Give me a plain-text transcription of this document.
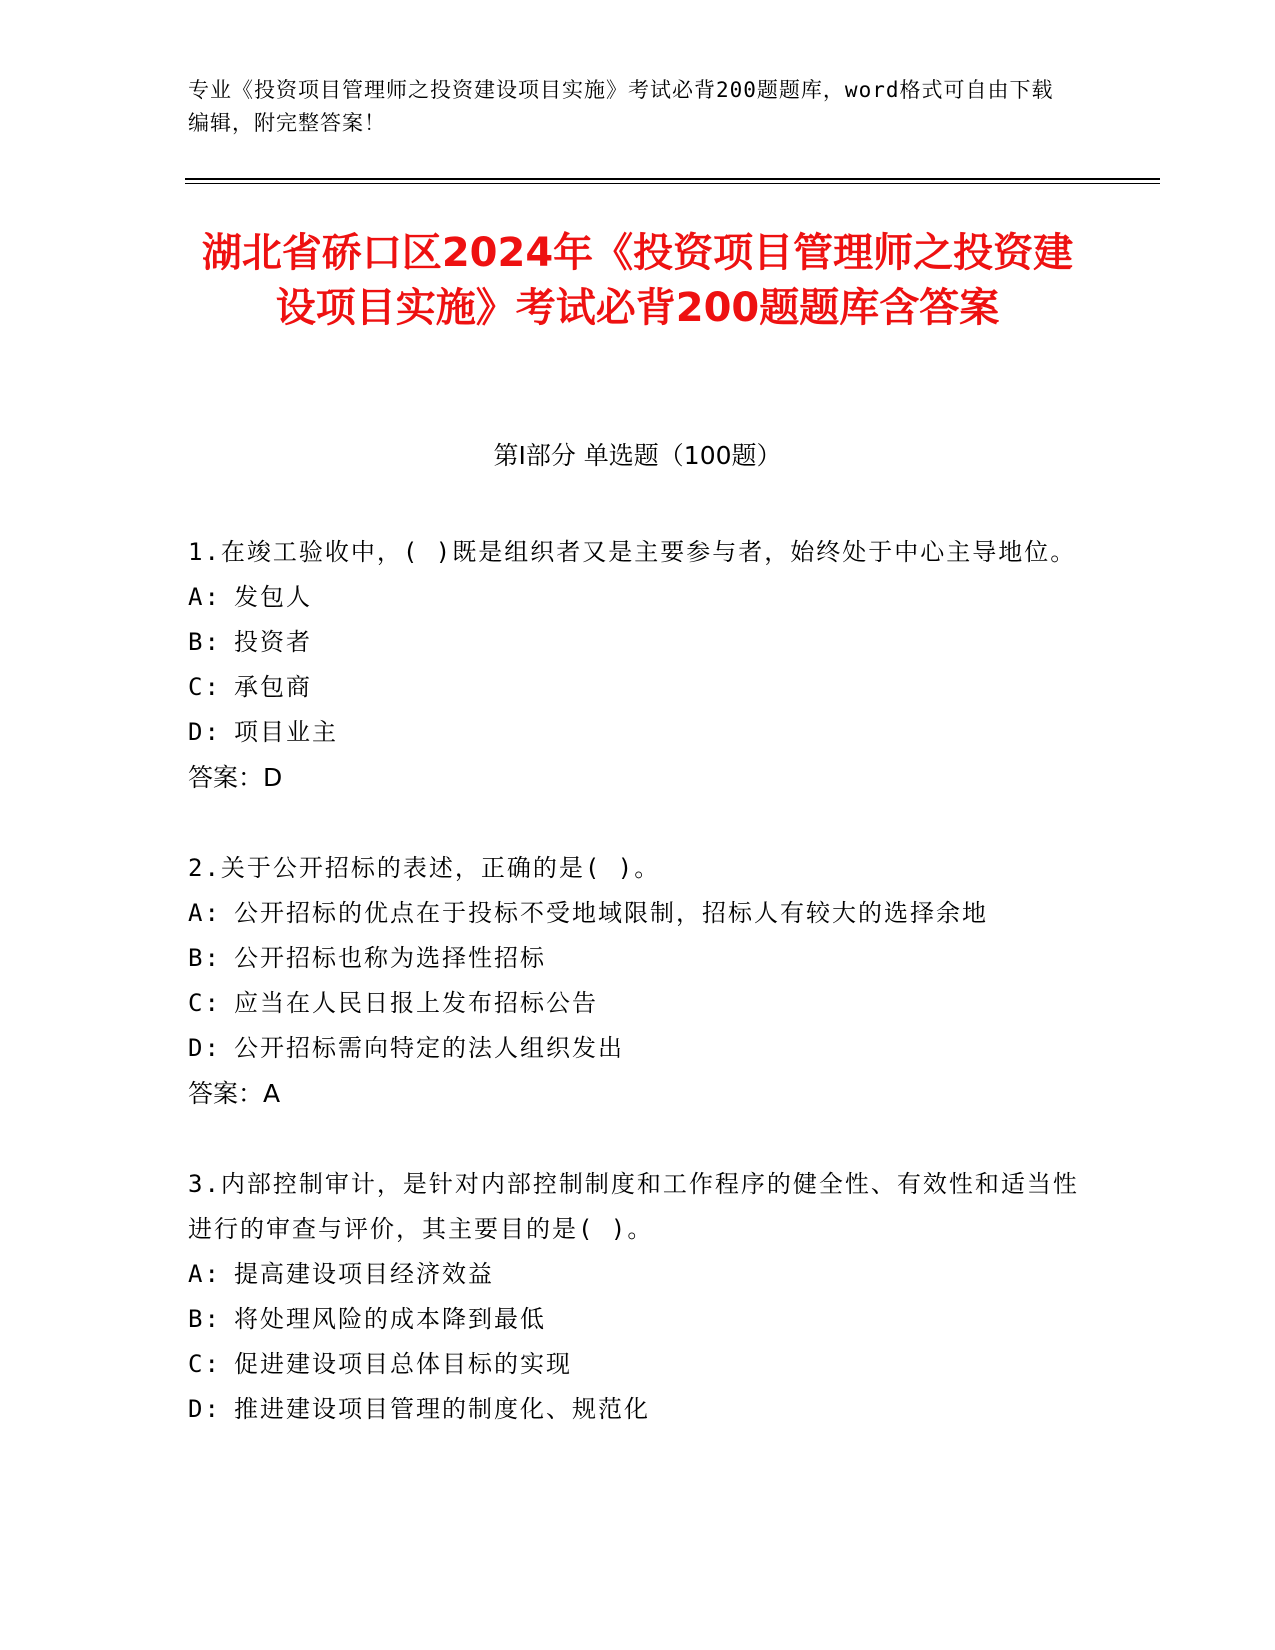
专业《投资项目管理师之投资建设项目实施》考试必背200题题库，word格式可自由下载编辑，附完整答案！
湖北省硚口区2024年《投资项目管理师之投资建设项目实施》考试必背200题题库含答案
第I部分 单选题（100题）
1.在竣工验收中，( )既是组织者又是主要参与者，始终处于中心主导地位。
A: 发包人
B: 投资者
C: 承包商
D: 项目业主
答案：D
2.关于公开招标的表述，正确的是( )。
A: 公开招标的优点在于投标不受地域限制，招标人有较大的选择余地
B: 公开招标也称为选择性招标
C: 应当在人民日报上发布招标公告
D: 公开招标需向特定的法人组织发出
答案：A
3.内部控制审计，是针对内部控制制度和工作程序的健全性、有效性和适当性进行的审查与评价，其主要目的是( )。
A: 提高建设项目经济效益
B: 将处理风险的成本降到最低
C: 促进建设项目总体目标的实现
D: 推进建设项目管理的制度化、规范化
